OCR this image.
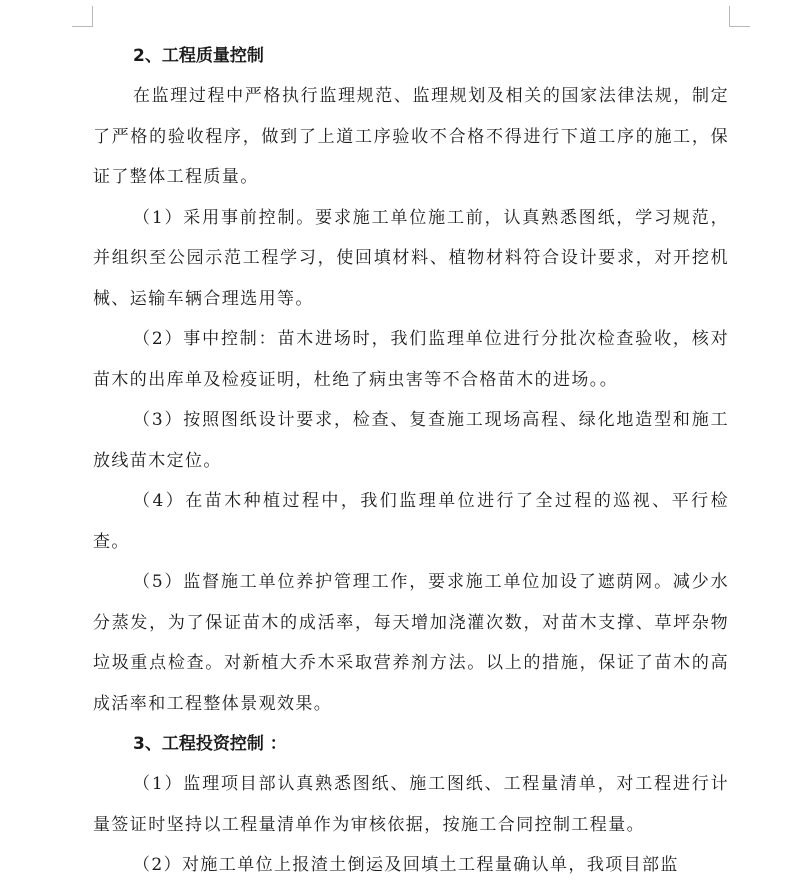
2、工程质量控制

在监理过程中严格执行监理规范、监理规划及相关的国家法律法规，制定了严格的验收程序，做到了上道工序验收不合格不得进行下道工序的施工，保证了整体工程质量。

（1）采用事前控制。要求施工单位施工前，认真熟悉图纸，学习规范，并组织至公园示范工程学习，使回填材料、植物材料符合设计要求，对开挖机械、运输车辆合理选用等。

（2）事中控制：苗木进场时，我们监理单位进行分批次检查验收，核对苗木的出库单及检疫证明，杜绝了病虫害等不合格苗木的进场。。

（3）按照图纸设计要求，检查、复查施工现场高程、绿化地造型和施工放线苗木定位。

（4）在苗木种植过程中，我们监理单位进行了全过程的巡视、平行检查。

（5）监督施工单位养护管理工作，要求施工单位加设了遮荫网。减少水分蒸发，为了保证苗木的成活率，每天增加浇灌次数，对苗木支撑、草坪杂物垃圾重点检查。对新植大乔木采取营养剂方法。以上的措施，保证了苗木的高成活率和工程整体景观效果。

3、工程投资控制 ：

（1）监理项目部认真熟悉图纸、施工图纸、工程量清单，对工程进行计量签证时坚持以工程量清单作为审核依据，按施工合同控制工程量。

（2）对施工单位上报渣土倒运及回填土工程量确认单，我项目部监
